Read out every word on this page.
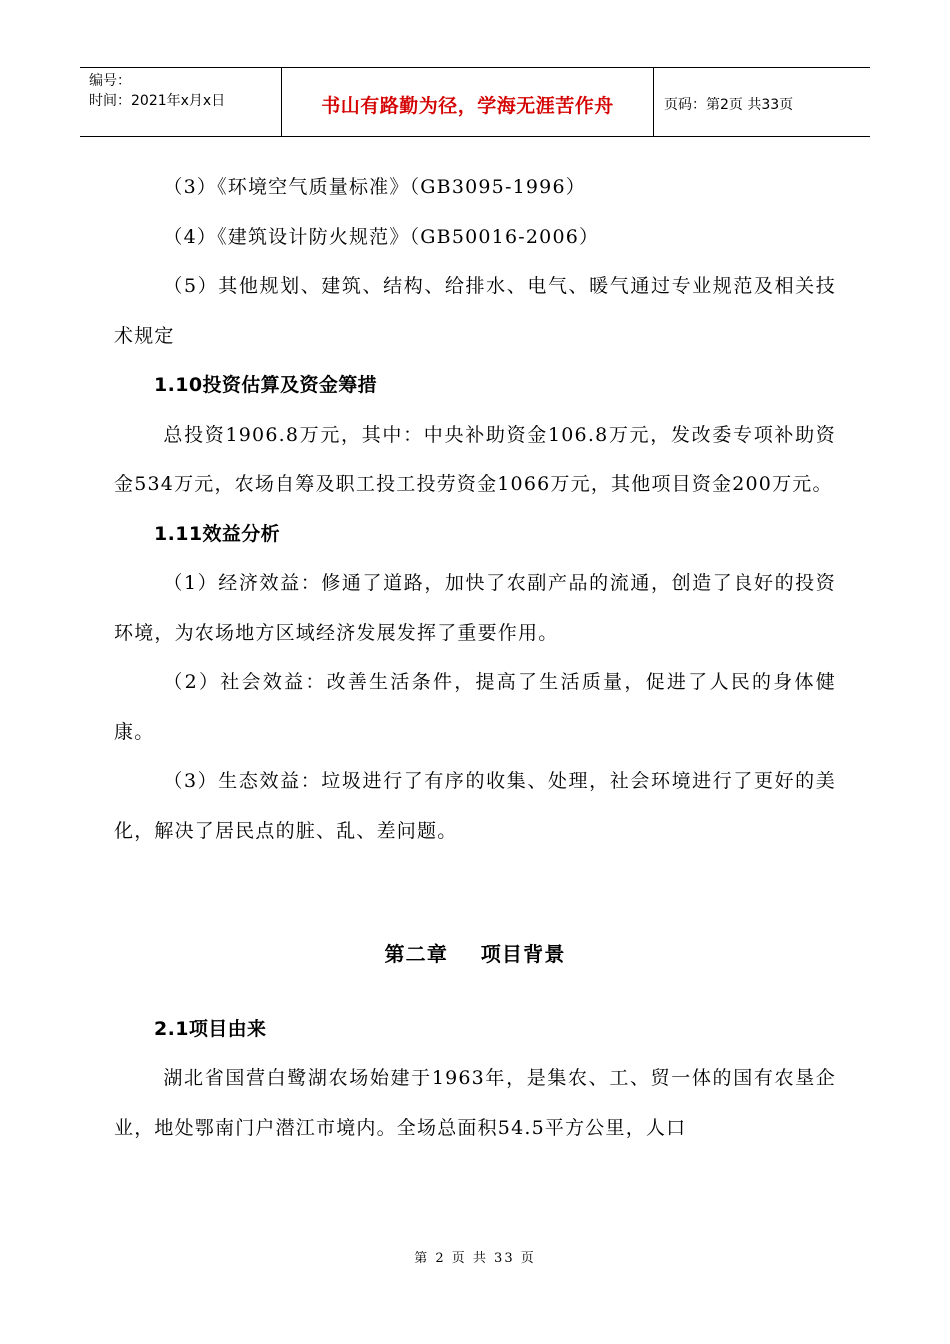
编号：
时间：2021年x月x日	书山有路勤为径，学海无涯苦作舟	页码：第2页 共33页

（3）《环境空气质量标准》（GB3095-1996）

（4）《建筑设计防火规范》（GB50016-2006）

（5）其他规划、建筑、结构、给排水、电气、暖气通过专业规范及相关技术规定

1.10投资估算及资金筹措

总投资1906.8万元，其中：中央补助资金106.8万元，发改委专项补助资金534万元，农场自筹及职工投工投劳资金1066万元，其他项目资金200万元。

1.11效益分析

（1）经济效益：修通了道路，加快了农副产品的流通，创造了良好的投资环境，为农场地方区域经济发展发挥了重要作用。

（2）社会效益：改善生活条件，提高了生活质量，促进了人民的身体健康。

（3）生态效益：垃圾进行了有序的收集、处理，社会环境进行了更好的美化，解决了居民点的脏、乱、差问题。

第二章    项目背景

2.1项目由来

湖北省国营白鹭湖农场始建于1963年，是集农、工、贸一体的国有农垦企业，地处鄂南门户潜江市境内。全场总面积54.5平方公里，人口

第 2 页 共 33 页
